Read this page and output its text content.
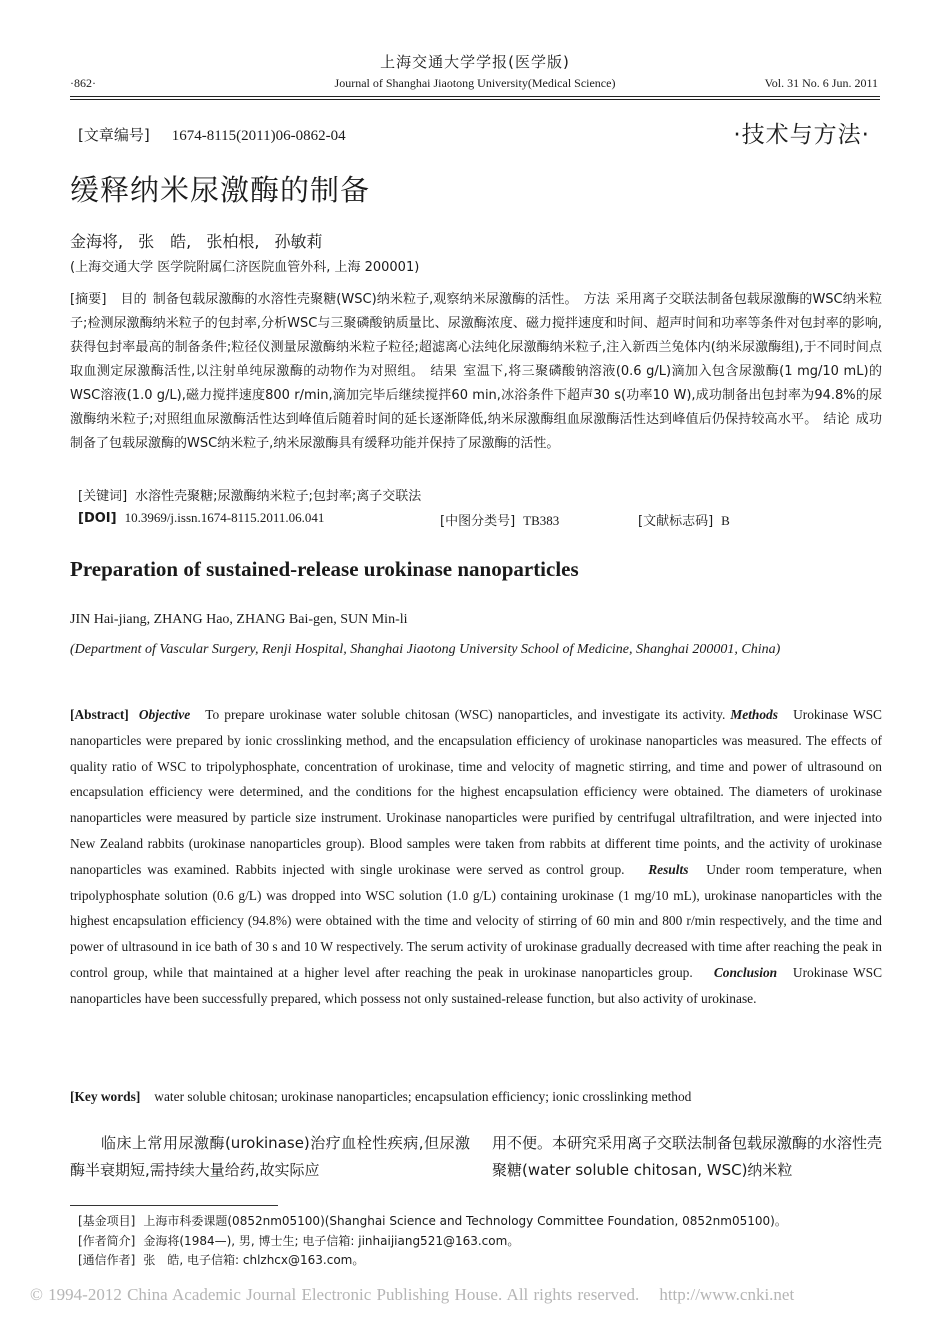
上海交通大学学报(医学版)
·862·	Journal of Shanghai Jiaotong University(Medical Science)	Vol. 31 No. 6 Jun. 2011
[文章编号] 1674-8115(2011)06-0862-04	·技术与方法·
缓释纳米尿激酶的制备
金海将, 张　皓, 张柏根, 孙敏莉
(上海交通大学 医学院附属仁济医院血管外科, 上海 200001)
[摘要] 目的 制备包载尿激酶的水溶性壳聚糖(WSC)纳米粒子,观察纳米尿激酶的活性。 方法 采用离子交联法制备包载尿激酶的WSC纳米粒子;检测尿激酶纳米粒子的包封率,分析WSC与三聚磷酸钠质量比、尿激酶浓度、磁力搅拌速度和时间、超声时间和功率等条件对包封率的影响,获得包封率最高的制备条件;粒径仪测量尿激酶纳米粒子粒径;超滤离心法纯化尿激酶纳米粒子,注入新西兰兔体内(纳米尿激酶组),于不同时间点取血测定尿激酶活性,以注射单纯尿激酶的动物作为对照组。 结果 室温下,将三聚磷酸钠溶液(0.6 g/L)滴加入包含尿激酶(1 mg/10 mL)的WSC溶液(1.0 g/L),磁力搅拌速度800 r/min,滴加完毕后继续搅拌60 min,冰浴条件下超声30 s(功率10 W),成功制备出包封率为94.8%的尿激酶纳米粒子;对照组血尿激酶活性达到峰值后随着时间的延长逐渐降低,纳米尿激酶组血尿激酶活性达到峰值后仍保持较高水平。 结论 成功制备了包载尿激酶的WSC纳米粒子,纳米尿激酶具有缓释功能并保持了尿激酶的活性。
[关键词] 水溶性壳聚糖;尿激酶纳米粒子;包封率;离子交联法
[DOI] 10.3969/j.issn.1674-8115.2011.06.041	[中图分类号] TB383	[文献标志码] B
Preparation of sustained-release urokinase nanoparticles
JIN Hai-jiang, ZHANG Hao, ZHANG Bai-gen, SUN Min-li
(Department of Vascular Surgery, Renji Hospital, Shanghai Jiaotong University School of Medicine, Shanghai 200001, China)
[Abstract] Objective To prepare urokinase water soluble chitosan (WSC) nanoparticles, and investigate its activity. Methods Urokinase WSC nanoparticles were prepared by ionic crosslinking method, and the encapsulation efficiency of urokinase nanoparticles was measured. The effects of quality ratio of WSC to tripolyphosphate, concentration of urokinase, time and velocity of magnetic stirring, and time and power of ultrasound on encapsulation efficiency were determined, and the conditions for the highest encapsulation efficiency were obtained. The diameters of urokinase nanoparticles were measured by particle size instrument. Urokinase nanoparticles were purified by centrifugal ultrafiltration, and were injected into New Zealand rabbits (urokinase nanoparticles group). Blood samples were taken from rabbits at different time points, and the activity of urokinase nanoparticles was examined. Rabbits injected with single urokinase were served as control group. Results Under room temperature, when tripolyphosphate solution (0.6 g/L) was dropped into WSC solution (1.0 g/L) containing urokinase (1 mg/10 mL), urokinase nanoparticles with the highest encapsulation efficiency (94.8%) were obtained with the time and velocity of stirring of 60 min and 800 r/min respectively, and the time and power of ultrasound in ice bath of 30 s and 10 W respectively. The serum activity of urokinase gradually decreased with time after reaching the peak in control group, while that maintained at a higher level after reaching the peak in urokinase nanoparticles group. Conclusion Urokinase WSC nanoparticles have been successfully prepared, which possess not only sustained-release function, but also activity of urokinase.
[Key words] water soluble chitosan; urokinase nanoparticles; encapsulation efficiency; ionic crosslinking method
　　临床上常用尿激酶(urokinase)治疗血栓性疾病,但尿激酶半衰期短,需持续大量给药,故实际应
用不便。本研究采用离子交联法制备包载尿激酶的水溶性壳聚糖(water soluble chitosan, WSC)纳米粒
[基金项目] 上海市科委课题(0852nm05100)(Shanghai Science and Technology Committee Foundation, 0852nm05100)。
[作者简介] 金海将(1984—), 男, 博士生; 电子信箱: jinhaijiang521@163.com。
[通信作者] 张　皓, 电子信箱: chlzhcx@163.com。
© 1994-2012 China Academic Journal Electronic Publishing House. All rights reserved. http://www.cnki.net
